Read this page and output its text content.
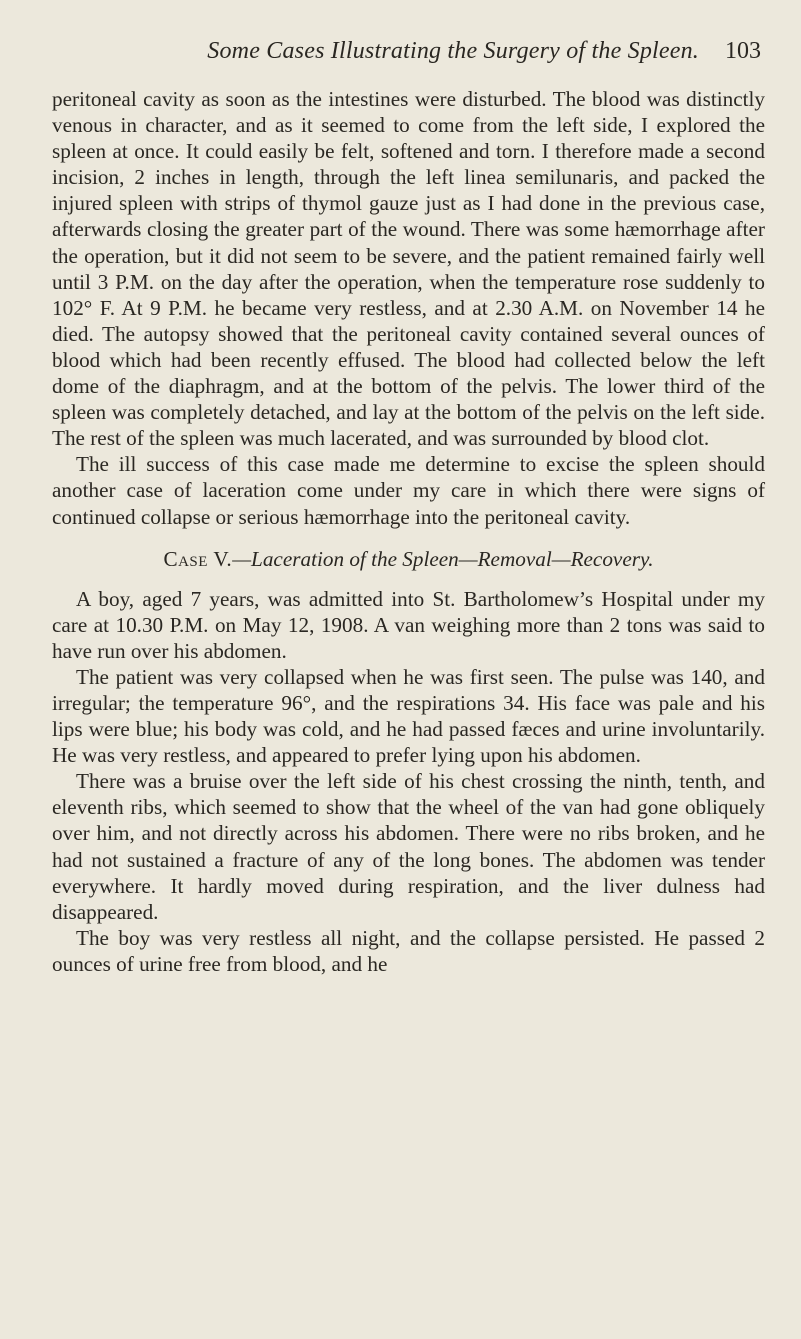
Some Cases Illustrating the Surgery of the Spleen. 103

peritoneal cavity as soon as the intestines were disturbed. The blood was distinctly venous in character, and as it seemed to come from the left side, I explored the spleen at once. It could easily be felt, softened and torn. I therefore made a second incision, 2 inches in length, through the left linea semilunaris, and packed the injured spleen with strips of thymol gauze just as I had done in the previous case, afterwards closing the greater part of the wound. There was some hæmorrhage after the operation, but it did not seem to be severe, and the patient remained fairly well until 3 P.M. on the day after the operation, when the temperature rose suddenly to 102° F. At 9 P.M. he became very restless, and at 2.30 A.M. on November 14 he died. The autopsy showed that the peritoneal cavity contained several ounces of blood which had been recently effused. The blood had collected below the left dome of the diaphragm, and at the bottom of the pelvis. The lower third of the spleen was completely detached, and lay at the bottom of the pelvis on the left side. The rest of the spleen was much lacerated, and was surrounded by blood clot.

The ill success of this case made me determine to excise the spleen should another case of laceration come under my care in which there were signs of continued collapse or serious hæmorrhage into the peritoneal cavity.

Case V.—Laceration of the Spleen—Removal—Recovery.

A boy, aged 7 years, was admitted into St. Bartholomew’s Hospital under my care at 10.30 P.M. on May 12, 1908. A van weighing more than 2 tons was said to have run over his abdomen.

The patient was very collapsed when he was first seen. The pulse was 140, and irregular; the temperature 96°, and the respirations 34. His face was pale and his lips were blue; his body was cold, and he had passed fæces and urine involuntarily. He was very restless, and appeared to prefer lying upon his abdomen.

There was a bruise over the left side of his chest crossing the ninth, tenth, and eleventh ribs, which seemed to show that the wheel of the van had gone obliquely over him, and not directly across his abdomen. There were no ribs broken, and he had not sustained a fracture of any of the long bones. The abdomen was tender everywhere. It hardly moved during respiration, and the liver dulness had disappeared.

The boy was very restless all night, and the collapse persisted. He passed 2 ounces of urine free from blood, and he
